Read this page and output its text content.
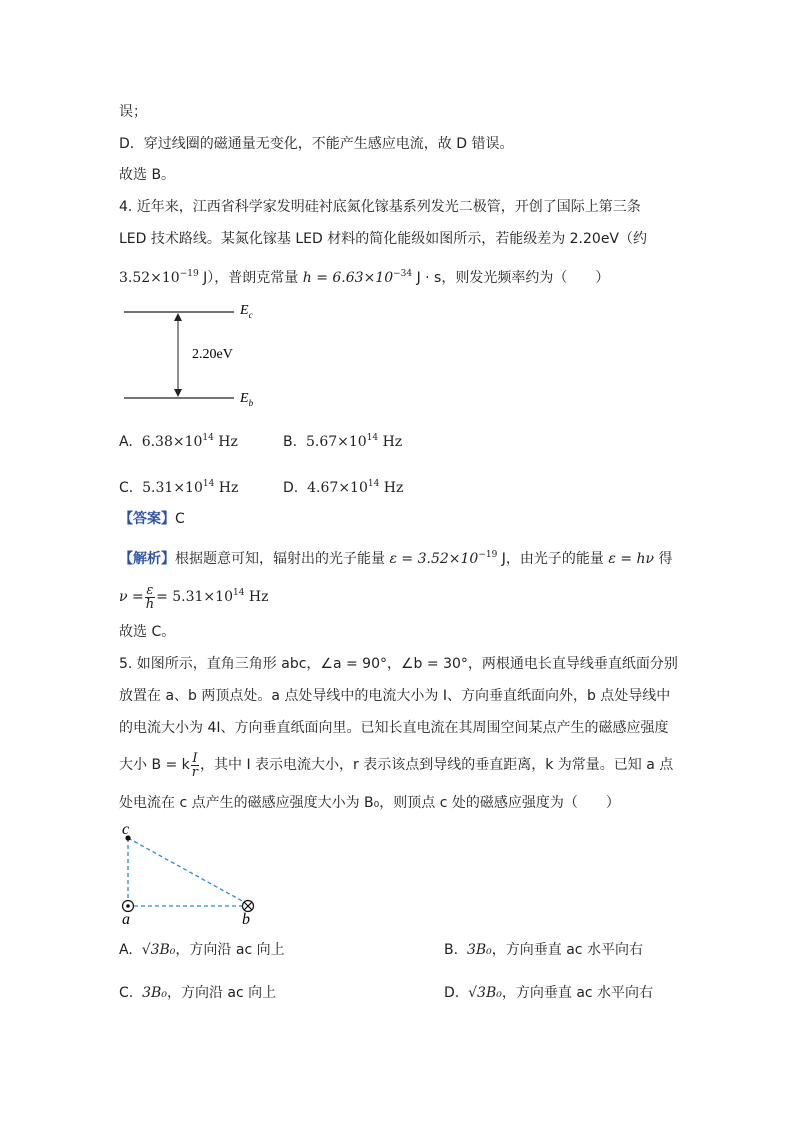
误；
D．穿过线圈的磁通量无变化，不能产生感应电流，故 D 错误。
故选 B。
4. 近年来，江西省科学家发明硅衬底氮化镓基系列发光二极管，开创了国际上第三条
LED 技术路线。某氮化镓基 LED 材料的简化能级如图所示，若能级差为 2.20eV（约
$3.52\times 10^{-19}$ J），普朗克常量 $h = 6.63\times 10^{-34}$ J · s，则发光频率约为（　　）
$E_c$
$E_b$
2.20eV
A. $6.38\times 10^{14}$ Hz	B. $5.67\times 10^{14}$ Hz
C. $5.31\times 10^{14}$ Hz	D. $4.67\times 10^{14}$ Hz
【答案】C
【解析】根据题意可知，辐射出的光子能量 $\varepsilon = 3.52\times 10^{-19}$ J，由光子的能量 ε = hν 得
$\nu = \frac{\varepsilon}{h} = 5.31\times 10^{14}$ Hz
故选 C。
5. 如图所示，直角三角形 abc，∠a = 90°，∠b = 30°，两根通电长直导线垂直纸面分别
放置在 a、b 两顶点处。a 点处导线中的电流大小为 I、方向垂直纸面向外，b 点处导线中
的电流大小为 4I、方向垂直纸面向里。已知长直电流在其周围空间某点产生的磁感应强度
大小 B = k $\frac{I}{r}$ ，其中 I 表示电流大小，r 表示该点到导线的垂直距离，k 为常量。已知 a 点
处电流在 c 点产生的磁感应强度大小为 B₀，则顶点 c 处的磁感应强度为（　　）
c
a	b
A. √3B₀，方向沿 ac 向上	B. 3B₀，方向垂直 ac 水平向右
C. 3B₀，方向沿 ac 向上	D. √3B₀，方向垂直 ac 水平向右
